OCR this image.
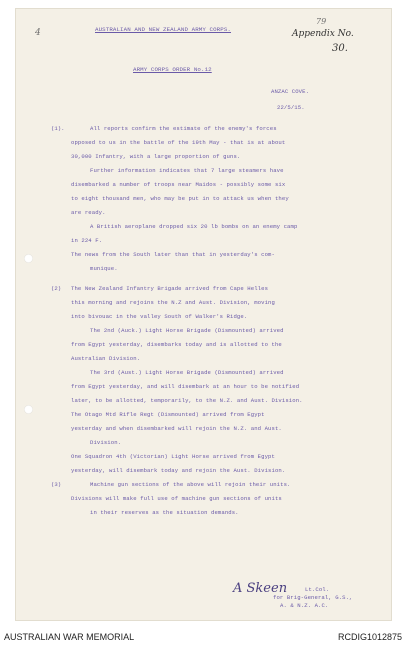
4
79
Appendix No.
30.
AUSTRALIAN AND NEW ZEALAND ARMY CORPS.
ARMY CORPS ORDER No.12
ANZAC COVE.
22/5/15.
(1).	All reports confirm the estimate of the enemy's forces
opposed to us in the battle of the 19th May - that is at about
30,000 Infantry, with a large proportion of guns.
Further information indicates that 7 large steamers have
disembarked a number of troops near Maidos - possibly some six
to eight thousand men, who may be put in to attack us when they
are ready.
A British aeroplane dropped six 20 lb bombs on an enemy camp
in 224 F.
The news from the South later than that in yesterday's com-
munique.
(2) The New Zealand Infantry Brigade arrived from Cape Helles
this morning and rejoins the N.Z and Aust. Division, moving
into bivouac in the valley South of Walker's Ridge.
The 2nd (Auck.) Light Horse Brigade (Dismounted) arrived
from Egypt yesterday, disembarks today and is allotted to the
Australian Division.
The 3rd (Aust.) Light Horse Brigade (Dismounted) arrived
from Egypt yesterday, and will disembark at an hour to be notified
later, to be allotted, temporarily, to the N.Z. and Aust. Division.
The Otago Mtd Rifle Regt (Dismounted) arrived from Egypt
yesterday and when disembarked will rejoin the N.Z. and Aust.
Division.
One Squadron 4th (Victorian) Light Horse arrived from Egypt
yesterday, will disembark today and rejoin the Aust. Division.
(3)	Machine gun sections of the above will rejoin their units.
Divisions will make full use of machine gun sections of units
in their reserves as the situation demands.
A Skeen	Lt.Col.
for Brig-General, G.S.,
A. & N.Z. A.C.
AUSTRALIAN WAR MEMORIAL	RCDIG1012875
